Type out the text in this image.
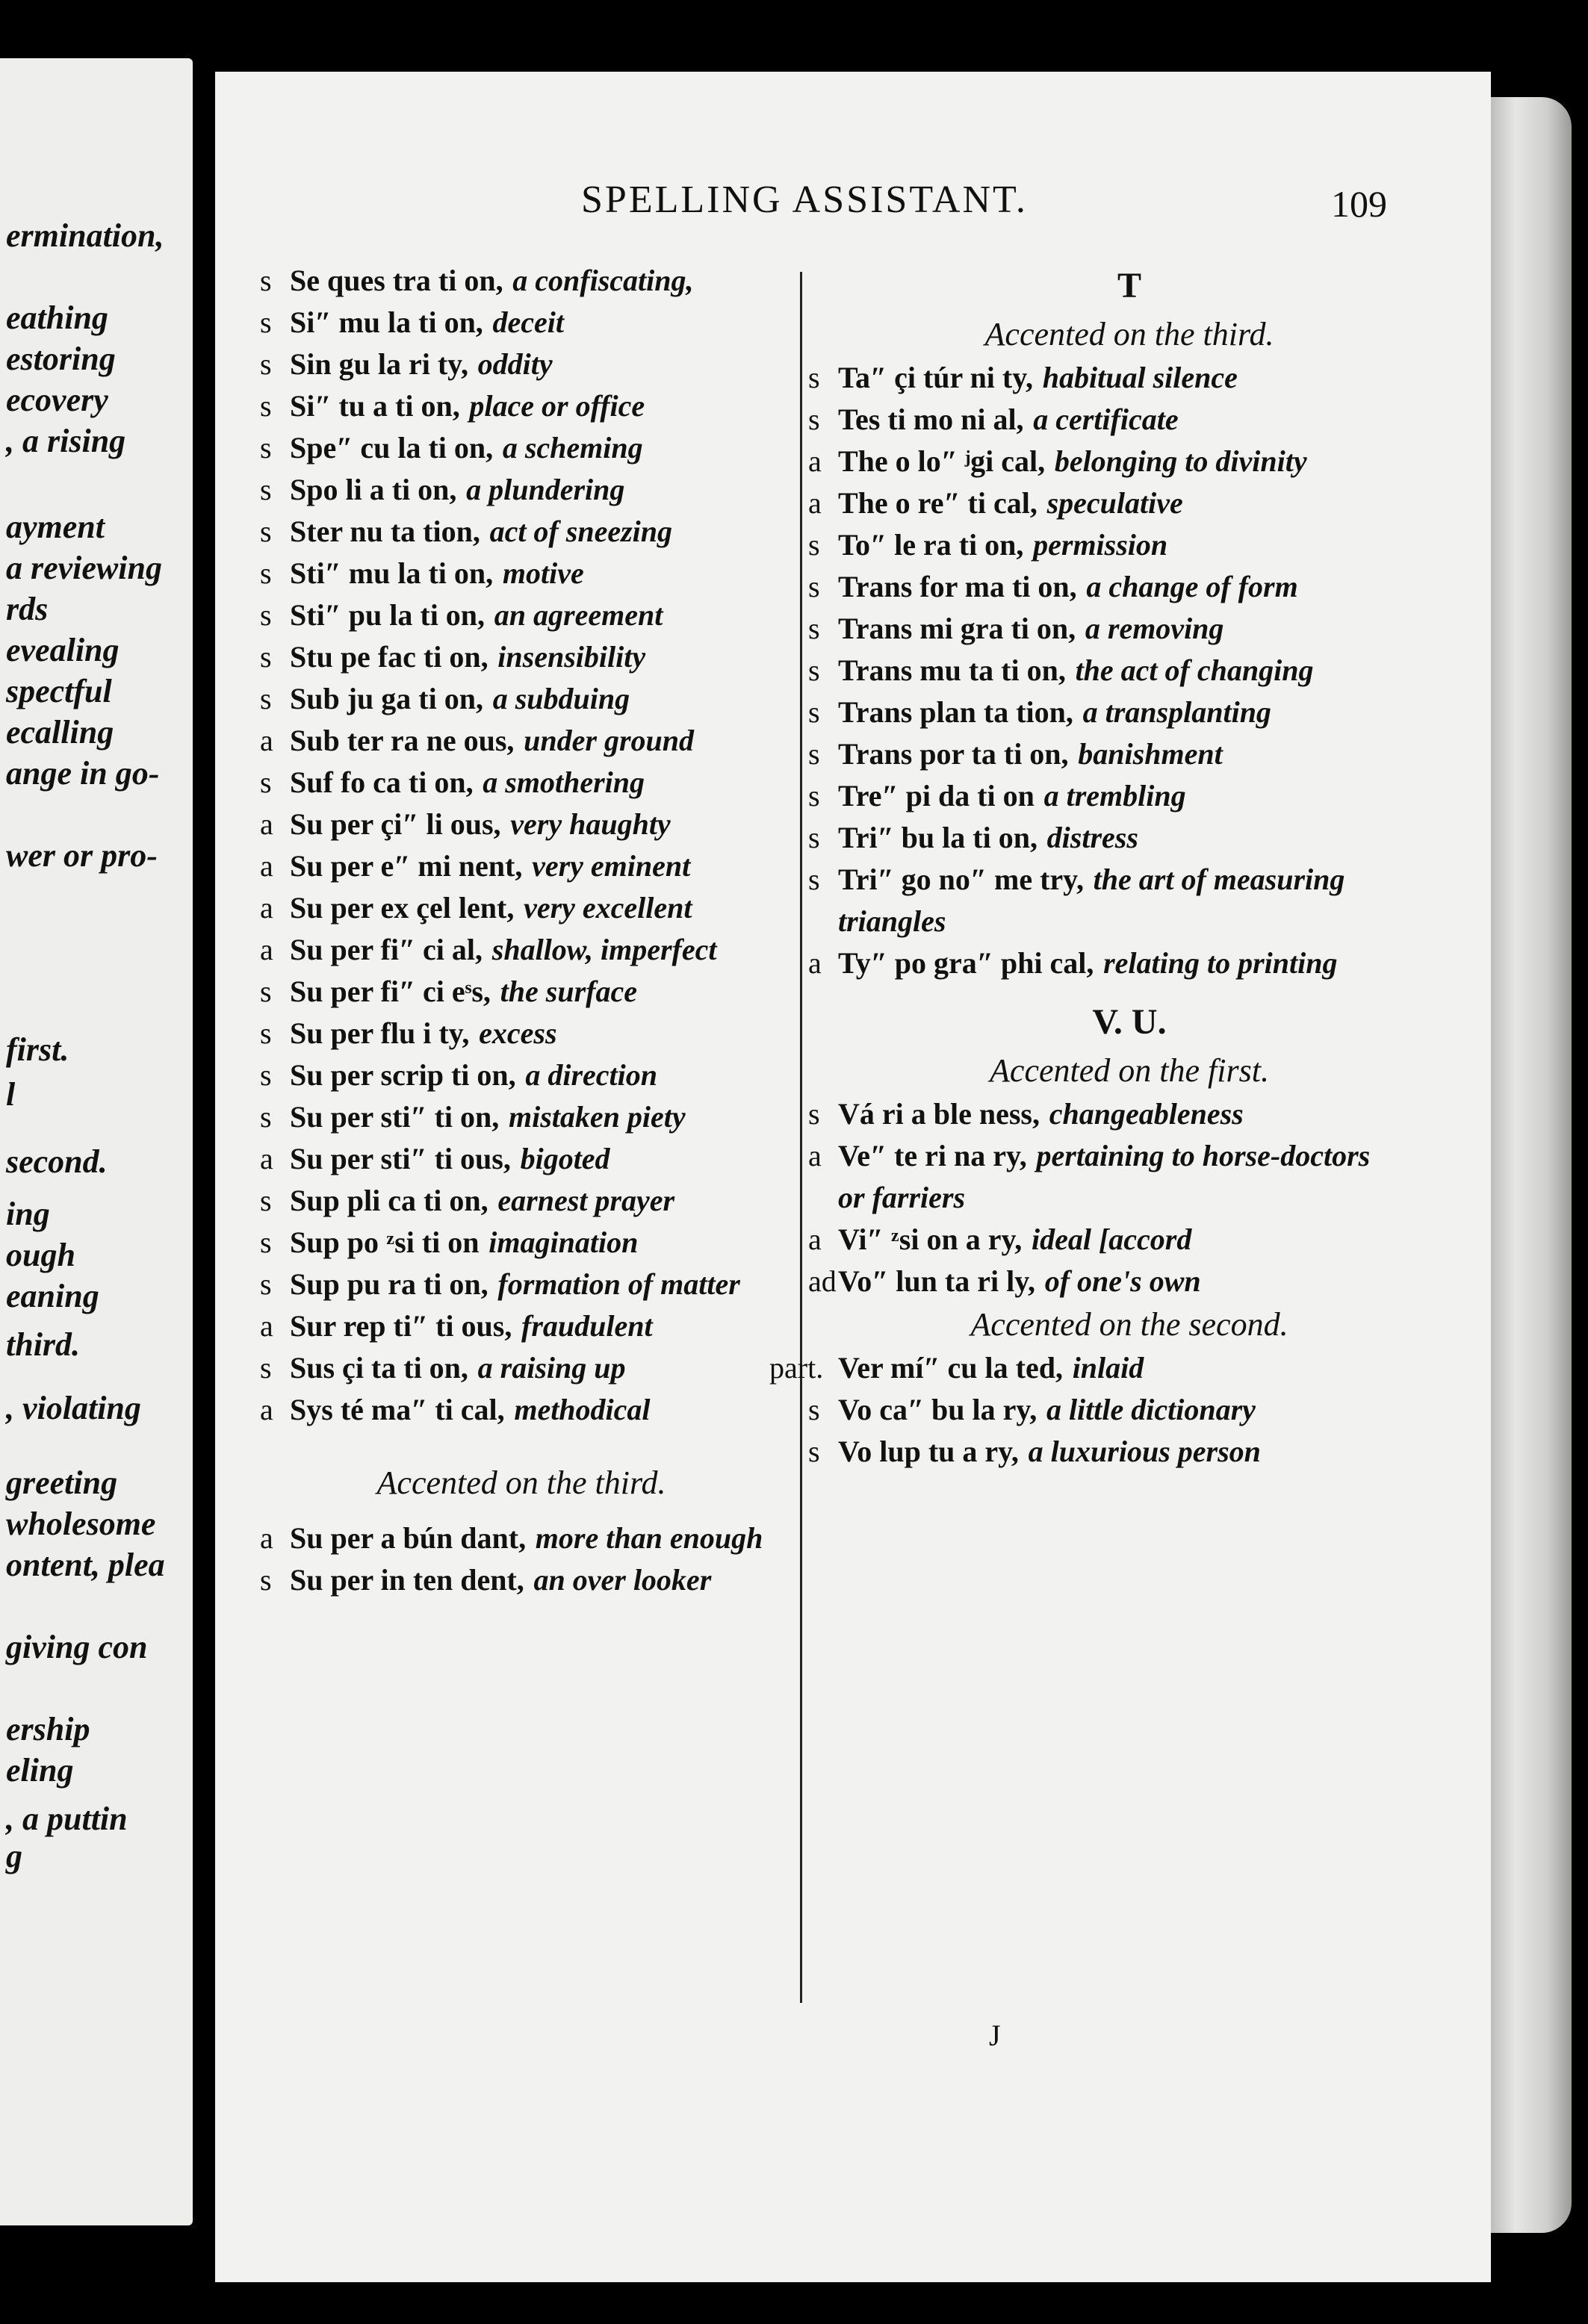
ermination,
eathing
estoring
ecovery
, a rising
ayment
a reviewing
rds
evealing
spectful
ecalling
ange in go-
wer or pro-
first.
l
second.
ing
ough
eaning
third.
, violating
greeting
wholesome
ontent, plea
giving con
ership
eling
, a puttin
g
SPELLING ASSISTANT.	109
s Se ques tra ti on, a confiscating,
s Si″ mu la ti on, deceit
s Sin gu la ri ty, oddity
s Si″ tu a ti on, place or office
s Spe″ cu la ti on, a scheming
s Spo li a ti on, a plundering
s Ster nu ta tion, act of sneezing
s Sti″ mu la ti on, motive
s Sti″ pu la ti on, an agreement
s Stu pe fac ti on, insensibility
s Sub ju ga ti on, a subduing
a Sub ter ra ne ous, under ground
s Suf fo ca ti on, a smothering
a Su per çi″ li ous, very haughty
a Su per e″ mi nent, very eminent
a Su per ex çel lent, very excellent
a Su per fi″ ci al, shallow, imperfect
s Su per fi″ ci eˢs, the surface
s Su per flu i ty, excess
s Su per scrip ti on, a direction
s Su per sti″ ti on, mistaken piety
a Su per sti″ ti ous, bigoted
s Sup pli ca ti on, earnest prayer
s Sup po ᶻsi ti on imagination
s Sup pu ra ti on, formation of matter
a Sur rep ti″ ti ous, fraudulent
s Sus çi ta ti on, a raising up
a Sys té ma″ ti cal, methodical
Accented on the third.
a Su per a bún dant, more than enough
s Su per in ten dent, an over looker
T
Accented on the third.
s Ta″ çi túr ni ty, habitual silence
s Tes ti mo ni al, a certificate
a The o lo″ ʲgi cal, belonging to divinity
a The o re″ ti cal, speculative
s To″ le ra ti on, permission
s Trans for ma ti on, a change of form
s Trans mi gra ti on, a removing
s Trans mu ta ti on, the act of changing
s Trans plan ta tion, a transplanting
s Trans por ta ti on, banishment
s Tre″ pi da ti on a trembling
s Tri″ bu la ti on, distress
s Tri″ go no″ me try, the art of measuring triangles
a Ty″ po gra″ phi cal, relating to printing
V. U.
Accented on the first.
s Vá ri a ble ness, changeableness
a Ve″ te ri na ry, pertaining to horse-doctors or farriers
a Vi″ ᶻsi on a ry, ideal [accord
ad Vo″ lun ta ri ly, of one's own
Accented on the second.
part. Ver mí″ cu la ted, inlaid
s Vo ca″ bu la ry, a little dictionary
s Vo lup tu a ry, a luxurious person
J
